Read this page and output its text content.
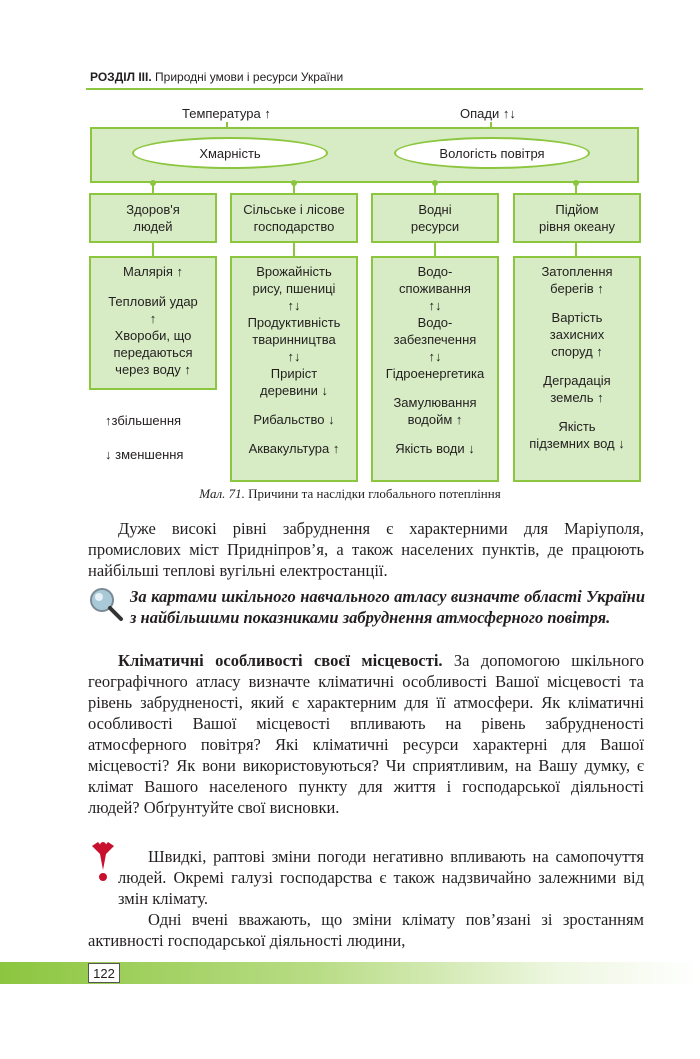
РОЗДІЛ ІІІ. Природні умови і ресурси України
Температура ↑	Опади ↑↓
Хмарність	Вологість повітря
Здоров'я
людей
Сільське і лісове
господарство
Водні
ресурси
Підйом
рівня океану
Малярія ↑
Тепловий удар
↑
Хвороби, що
передаються
через воду ↑
Врожайність
рису, пшениці
↑↓
Продуктивність
тваринництва
↑↓
Приріст
деревини ↓
Рибальство ↓
Аквакультура ↑
Водо-
споживання
↑↓
Водо-
забезпечення
↑↓
Гідроенергетика
Замулювання
водойм ↑
Якість води ↓
Затоплення
берегів ↑
Вартість
захисних
споруд ↑
Деградація
земель ↑
Якість
підземних вод ↓
↑збільшення
↓ зменшення
Мал. 71. Причини та наслідки глобального потепління

Дуже високі рівні забруднення є характерними для Маріуполя, промислових міст Придніпров’я, а також населених пунктів, де працюють найбільші теплові вугільні електростанції.

За картами шкільного навчального атласу визначте області України з найбільшими показниками забруднення атмосферного повітря.

Кліматичні особливості своєї місцевості. За допомогою шкільного географічного атласу визначте кліматичні особливості Вашої місцевості та рівень забрудненості, який є характерним для її атмосфери. Як кліматичні особливості Вашої місцевості впливають на рівень забрудненості атмосферного повітря? Які кліматичні ресурси характерні для Вашої місцевості? Як вони використовуються? Чи сприятливим, на Вашу думку, є клімат Вашого населеного пункту для життя і господарської діяльності людей? Обґрунтуйте свої висновки.

Швидкі, раптові зміни погоди негативно впливають на самопочуття людей. Окремі галузі господарства є також надзвичайно залежними від змін клімату.

Одні вчені вважають, що зміни клімату пов’язані зі зростанням активності господарської діяльності людини,

122
